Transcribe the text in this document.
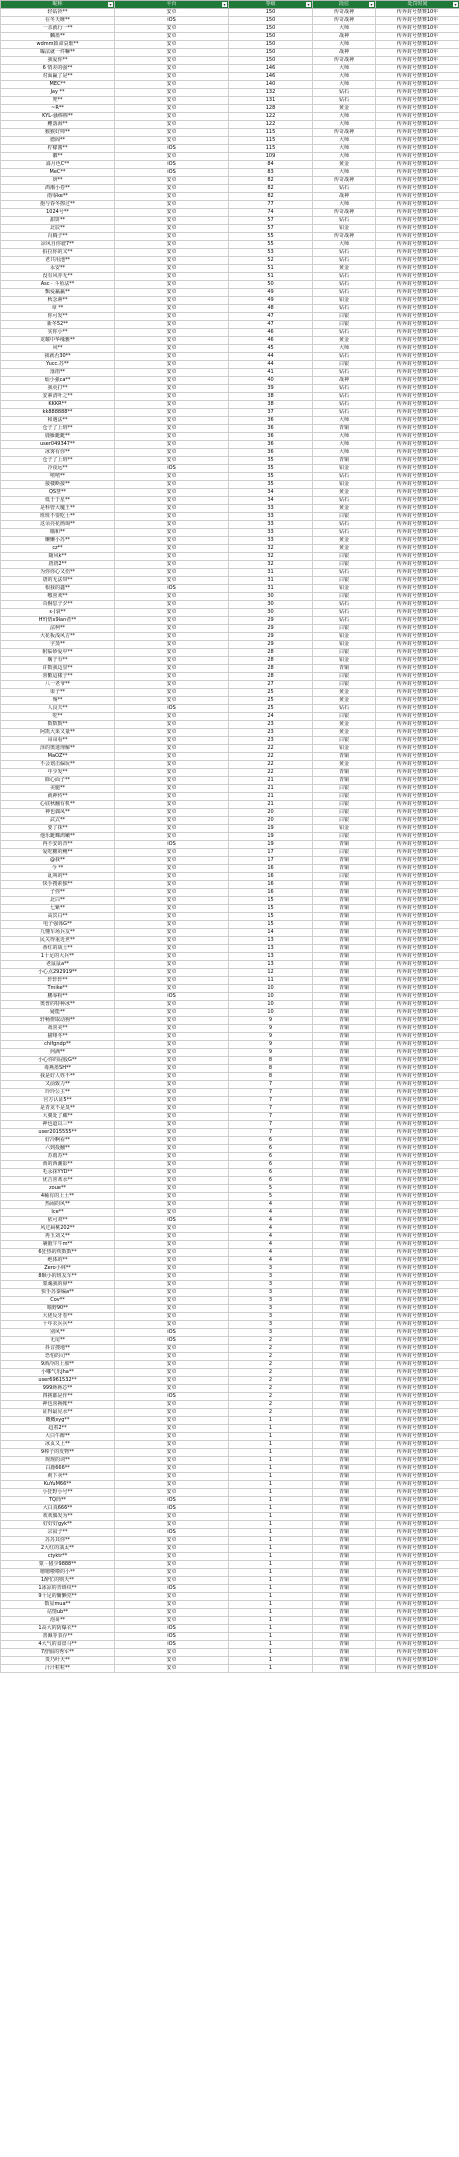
昵称 ▾	平台 ▾	等级 ▾	段位 ▾	处罚时间 ▾

轻钻铃**	安卓	150	传奇战神	传奔封号禁赛10年
在冬天睡**	iOS	150	传奇战神	传奔封号禁赛10年
一亲就行一**	安卓	150	大师	传奔封号禁赛10年
麟墨**	安卓	150	战神	传奔封号禁赛10年
wdmm致命哀歌**	安卓	150	大师	传奔封号禁赛10年
曝法就一件嘛**	安卓	150	战神	传奔封号禁赛10年
我爱你**	安卓	150	传奇战神	传奔封号禁赛10年
6 情差的强**	安卓	146	大师	传奔封号禁赛10年
对面赢了是**	安卓	146	大师	传奔封号禁赛10年
MEC**	安卓	140	大师	传奔封号禁赛10年
Jay **	安卓	132	钻石	传奔封号禁赛10年
兜**	安卓	131	钻石	传奔封号禁赛10年
~R**	安卓	128	黄金	传奔封号禁赛10年
KYL-骚棒棒**	安卓	122	大师	传奔封号禁赛10年
鲤落海**	安卓	122	大师	传奔封号禁赛10年
猴猴好帅**	安卓	115	传奇战神	传奔封号禁赛10年
德阁**	安卓	115	大师	传奔封号禁赛10年
柠檬酱**	iOS	115	大师	传奔封号禁赛10年
徽**	安卓	109	大师	传奔封号禁赛10年
嵩月色C**	iOS	84	黄金	传奔封号禁赛10年
MeC**	iOS	83	大师	传奔封号禁赛10年
妍**	安卓	82	传奇战神	传奔封号禁赛10年
鸿潮小卷**	安卓	82	钻石	传奔封号禁赛10年
雨零ke**	安卓	82	战神	传奔封号禁赛10年
抱与春冬擦过**	安卓	77	大师	传奔封号禁赛10年
1024号**	安卓	74	传奇战神	传奔封号禁赛10年
甜饼**	安卓	57	钻石	传奔封号禁赛10年
北辰**	安卓	57	铂金	传奔封号禁赛10年
百腾子**	安卓	55	传奇战神	传奔封号禁赛10年
凉风自你驶7**	安卓	55	大师	传奔封号禁赛10年
拍拉你的又**	安卓	53	钻石	传奔封号禁赛10年
老共用池**	安卓	52	钻石	传奔封号禁赛10年
永安**	安卓	51	黄金	传奔封号禁赛10年
没有风亦无**	安卓	51	钻石	传奔封号禁赛10年
Asc · 斗鱼法**	安卓	50	钻石	传奔封号禁赛10年
甄爱赢赢**	安卓	49	钻石	传奔封号禁赛10年
秋念素**	安卓	49	铂金	传奔封号禁赛10年
章 **	安卓	48	钻石	传奔封号禁赛10年
你可发**	安卓	47	白银	传奔封号禁赛10年
新冬52**	安卓	47	白银	传奔封号禁赛10年
实你小**	安卓	46	钻石	传奔封号禁赛10年
龙耀中华缘雅**	安卓	46	黄金	传奔封号禁赛10年
风**	安卓	45	大师	传奔封号禁赛10年
我就否30**	安卓	44	钻石	传奔封号禁赛10年
Yucc.苏**	安卓	44	白银	传奔封号禁赛10年
落雨**	安卓	41	钻石	传奔封号禁赛10年
灿小强ca**	安卓	40	战神	传奔封号禁赛10年
我更打**	安卓	39	钻石	传奔封号禁赛10年
安素清叶之**	安卓	38	钻石	传奔封号禁赛10年
KKKR**	安卓	38	钻石	传奔封号禁赛10年
kk888888**	安卓	37	钻石	传奔封号禁赛10年
和遇法**	安卓	36	大师	传奔封号禁赛10年
仓子了上班**	安卓	36	青铜	传奔封号禁赛10年
鹿雁蜓蜓**	安卓	36	大师	传奔封号禁赛10年
user049347**	安卓	36	大师	传奔封号禁赛10年
冰雾有你**	安卓	36	大师	传奔封号禁赛10年
仓子了上班**	安卓	35	青铜	传奔封号禁赛10年
冷夜远**	iOS	35	铂金	传奔封号禁赛10年
嘻嘻**	安卓	35	钻石	传奔封号禁赛10年
接楼断接**	安卓	35	铂金	传奔封号禁赛10年
QS慧**	安卓	34	黄金	传奔封号禁赛10年
低于于星**	安卓	34	钻石	传奔封号禁赛10年
是科曾大魔王**	安卓	33	黄金	传奔封号禁赛10年
班班不要吃土**	安卓	33	白银	传奔封号禁赛10年
这余亮花画竭**	安卓	33	钻石	传奔封号禁赛10年
瞄和**	安卓	33	钻石	传奔封号禁赛10年
懒懒小苏**	安卓	33	黄金	传奔封号禁赛10年
cz**	安卓	32	黄金	传奔封号禁赛10年
随风k**	安卓	32	白银	传奔封号禁赛10年
唐唐2**	安卓	32	白银	传奔封号禁赛10年
为你你心又伤**	安卓	31	钻石	传奔封号禁赛10年
唐的无法带**	安卓	31	白银	传奔封号禁赛10年
根我的鑫**	iOS	31	铂金	传奔封号禁赛10年
嗷喜欢**	安卓	30	白银	传奔封号禁赛10年
奇桐思子夕**	安卓	30	钻石	传奔封号禁赛10年
ε·(衰**	安卓	30	钻石	传奔封号禁赛10年
HY(情x9lan者**	安卓	29	钻石	传奔封号禁赛10年
法柯**	安卓	29	白银	传奔封号禁赛10年
大花板浅风吉**	安卓	29	铂金	传奔封号禁赛10年
字蒸**	安卓	29	铂金	传奔封号禁赛10年
附临砂爱中**	安卓	28	白银	传奔封号禁赛10年
瘸子有**	安卓	28	铂金	传奔封号禁赛10年
许数我边里**	安卓	28	青铜	传奔封号禁赛10年
喜歡這樣子**	安卓	28	白银	传奔封号禁赛10年
八一老爷**	安卓	27	白银	传奔封号禁赛10年
柒子**	安卓	25	黄金	传奔封号禁赛10年
殇**	安卓	25	黄金	传奔封号禁赛10年
人良夫**	iOS	25	钻石	传奔封号禁赛10年
吃**	安卓	24	白银	传奔封号禁赛10年
数数数**	安卓	23	黄金	传奔封号禁赛10年
阿凯大果又量**	安卓	23	黄金	传奔封号禁赛10年
哥哥看**	安卓	23	白银	传奔封号禁赛10年
泽的奥迷理解**	安卓	22	铂金	传奔封号禁赛10年
MaOZ**	安卓	22	青铜	传奔封号禁赛10年
不会划击偏玩**	安卓	22	黄金	传奔封号禁赛10年
年少发**	安卓	22	青铜	传奔封号禁赛10年
除心面子**	安卓	21	青铜	传奔封号禁赛10年
美腿**	安卓	21	白银	传奔封号禁赛10年
就神传**	安卓	21	白银	传奔封号禁赛10年
心底秋翻有机**	安卓	21	白银	传奔封号禁赛10年
神也偶凤**	安卓	20	白银	传奔封号禁赛10年
武式**	安卓	20	白银	传奔封号禁赛10年
要了抹**	安卓	19	铂金	传奔封号禁赛10年
他乐蜓蝶鸿嫩**	安卓	19	白银	传奔封号禁赛10年
再不安的青**	iOS	19	青铜	传奔封号禁赛10年
爱吃糖的鲍**	安卓	17	白银	传奔封号禁赛10年
@我**	安卓	17	青铜	传奔封号禁赛10年
今 **	安卓	16	青铜	传奔封号禁赛10年
乱叫的**	安卓	16	白银	传奔封号禁赛10年
快手搜索独**	安卓	16	青铜	传奔封号禁赛10年
子你**	安卓	16	青铜	传奔封号禁赛10年
北白**	安卓	15	青铜	传奔封号禁赛10年
七紫**	安卓	15	青铜	传奔封号禁赛10年
高宾白**	安卓	15	青铜	传奔封号禁赛10年
电子强体G**	安卓	15	青铜	传奔封号禁赛10年
九懂车场兵友**	安卓	14	青铜	传奔封号禁赛10年
民关得重近世**	安卓	13	青铜	传奔封号禁赛10年
蒂红的战士**	安卓	13	青铜	传奔封号禁赛10年
1十足的大兵**	安卓	13	青铜	传奔封号禁赛10年
老鼠鼠a**	安卓	13	青铜	传奔封号禁赛10年
小心点292919**	安卓	12	青铜	传奔封号禁赛10年
轩轩轩**	安卓	11	青铜	传奔封号禁赛10年
Tmike**	安卓	10	青铜	传奔封号禁赛10年
鹏零粉**	iOS	10	青铜	传奔封号禁赛10年
奥普的特种冰**	安卓	10	青铜	传奔封号禁赛10年
疑能**	安卓	10	青铜	传奔封号禁赛10年
轩畅橙取动狗**	安卓	9	青铜	传奔封号禁赛10年
戏喜美**	安卓	9	青铜	传奔封号禁赛10年
猫啡冬**	安卓	9	青铜	传奔封号禁赛10年
chifgndp**	安卓	9	青铜	传奔封号禁赛10年
何满**	安卓	9	青铜	传奔封号禁赛10年
小心你的屁股G**	安卓	8	青铜	传奔封号禁赛10年
毒燕墨SH**	安卓	8	青铜	传奔封号禁赛10年
我是好人姓不**	安卓	8	青铜	传奔封号禁赛10年
又前致力**	安卓	7	青铜	传奔封号禁赛10年
玲玲公主**	安卓	7	青铜	传奔封号禁赛10年
官方认证5**	安卓	7	青铜	传奔封号禁赛10年
是青龙不是臭**	安卓	7	青铜	传奔封号禁赛10年
大翼处了藏**	安卓	7	青铜	传奔封号禁赛10年
神也道以三**	安卓	7	青铜	传奔封号禁赛10年
user2015555**	安卓	7	青铜	传奔封号禁赛10年
好冷啊看**	安卓	6	青铜	传奔封号禁赛10年
六到投翻**	安卓	6	青铜	传奔封号禁赛10年
苏雨苏**	安卓	6	青铜	传奔封号禁赛10年
黄的西潮影**	安卓	6	青铜	传奔封号禁赛10年
毛永抹YYD**	安卓	6	青铜	传奔封号禁赛10年
优吉喜欢水**	安卓	6	青铜	传奔封号禁赛10年
zoue**	安卓	5	青铜	传奔封号禁赛10年
4稀有的上土**	安卓	5	青铜	传奔封号禁赛10年
热闹的风**	安卓	4	青铜	传奔封号禁赛10年
Ice**	安卓	4	青铜	传奔封号禁赛10年
依可双**	iOS	4	青铜	传奔封号禁赛10年
风过扁桃202**	安卓	4	青铜	传奔封号禁赛10年
再玉刘又**	安卓	4	青铜	传奔封号禁赛10年
裹骰午牛m**	安卓	4	青铜	传奔封号禁赛10年
6狂热的埃数数**	安卓	4	青铜	传奔封号禁赛10年
绝体的**	安卓	4	青铜	传奔封号禁赛10年
Zero小林**	安卓	3	青铜	传奔封号禁赛10年
8颗小的班友车**	安卓	3	青铜	传奔封号禁赛10年
蒙魂我的鼻**	安卓	3	青铜	传奔封号禁赛10年
快手苏秦编a**	安卓	3	青铜	传奔封号禁赛10年
Cov**	安卓	3	青铜	传奔封号禁赛10年
喵野90**	安卓	3	青铜	传奔封号禁赛10年
大佬反牙卷**	安卓	3	青铜	传奔封号禁赛10年
十年衣兵兵**	安卓	3	青铜	传奔封号禁赛10年
别风**	iOS	3	青铜	传奔封号禁赛10年
无尾**	iOS	2	青铜	传奔封号禁赛10年
抖音搜地**	安卓	2	青铜	传奔封号禁赛10年
恐怕的司**	安卓	2	青铜	传奔封号禁赛10年
9酒冷的上那**	安卓	2	青铜	传奔封号禁赛10年
小嘟气乐Jha**	安卓	2	青铜	传奔封号禁赛10年
user6961532**	安卓	2	青铜	传奔封号禁赛10年
999蒋蒋芯**	安卓	2	青铜	传奔封号禁赛10年
四挑都是作**	iOS	2	青铜	传奔封号禁赛10年
神也喜换帐**	安卓	2	青铜	传奔封号禁赛10年
证得最见水**	安卓	2	青铜	传奔封号禁赛10年
概概syg**	安卓	1	青铜	传奔封号禁赛10年
趋着2**	安卓	1	青铜	传奔封号禁赛10年
大白牛醉**	安卓	1	青铜	传奔封号禁赛10年
冰页又上**	安卓	1	青铜	传奔封号禁赛10年
9棒子的发物**	安卓	1	青铜	传奔封号禁赛10年
规规的词**	安卓	1	青铜	传奔封号禁赛10年
白鹿666**	安卓	1	青铜	传奔封号禁赛10年
莉下卖**	安卓	1	青铜	传奔封号禁赛10年
KuYuM66**	安卓	1	青铜	传奔封号禁赛10年
小狂野小号**	安卓	1	青铜	传奔封号禁赛10年
TQ筒**	iOS	1	青铜	传奔封号禁赛10年
大白真666**	iOS	1	青铜	传奔封号禁赛10年
欢欢偶发为**	安卓	1	青铜	传奔封号禁赛10年
好好好gyk**	安卓	1	青铜	传奔封号禁赛10年
宗寂子**	iOS	1	青铜	传奔封号禁赛10年
苏苏其你**	安卓	1	青铜	传奔封号禁赛10年
2大红的翡太**	安卓	1	青铜	传奔封号禁赛10年
ctyktr**	安卓	1	青铜	传奔封号禁赛10年
蒙 · 猪少9888**	安卓	1	青铜	传奔封号禁赛10年
嗯嗯啦啦的小**	安卓	1	青铜	传奔封号禁赛10年
1酔忙的则天**	安卓	1	青铜	传奔封号禁赛10年
1冰凉的青斑纹**	iOS	1	青铜	传奔封号禁赛10年
9十足的慵懒党**	安卓	1	青铜	传奔封号禁赛10年
数显mua**	安卓	1	青铜	传奔封号禁赛10年
站情ub**	安卓	1	青铜	传奔封号禁赛10年
泡哥**	安卓	1	青铜	传奔封号禁赛10年
1高大的防爆衣**	iOS	1	青铜	传奔封号禁赛10年
善佩等表存**	iOS	1	青铜	传奔封号禁赛10年
4大气的食盘马**	iOS	1	青铜	传奔封号禁赛10年
7舒服的秀军**	安卓	1	青铜	传奔封号禁赛10年
贵乃叶天**	安卓	1	青铜	传奔封号禁赛10年
汁汁粒粒**	安卓	1	青铜	传奔封号禁赛10年
